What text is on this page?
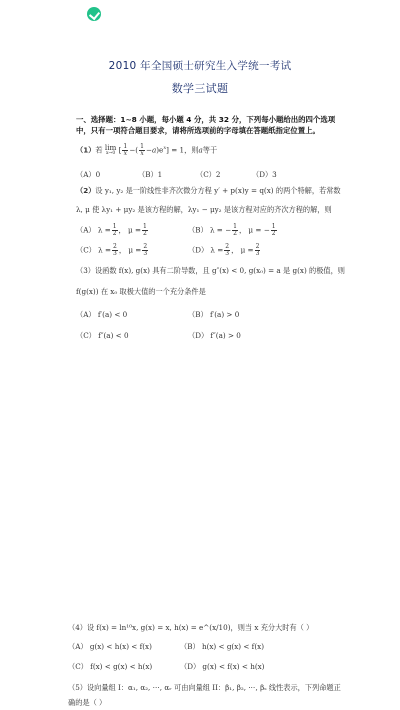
2010 年全国硕士研究生入学统一考试
数学三试题
一、选择题：1~8 小题，每小题 4 分，共 32 分，下列每小题给出的四个选项中，只有一项符合题目要求，请将所选项前的字母填在答题纸指定位置上。
（1）若 lim
x→0 [ $\frac{1}{x}$ −( $\frac{1}{x} -a)e^x] = 1$，则a等于
（A）0	（B）1	（C）2	（D）3
（2）设 y₁, y₂ 是一阶线性非齐次微分方程 y′ + p(x)y = q(x) 的两个特解，若常数
λ, μ 使 λy₁ + μy₂ 是该方程的解，λy₁ − μy₂ 是该方程对应的齐次方程的解，则
（A） $\lambda = \frac{1}{2}$ ， $\mu = \frac{1}{2}$	（B） λ = − $\frac{1}{2}$ ， μ = − $\frac{1}{2}$
（C） $\lambda = \frac{2}{3}$ ， $\mu = \frac{2}{3}$	（D） $\lambda = \frac{2}{3}$ ， $\mu = \frac{2}{3}$
（3）设函数 f(x), g(x) 具有二阶导数，且 g″(x) < 0, g(x₀) = a 是 g(x) 的极值，则
f(g(x)) 在 x₀ 取极大值的一个充分条件是
（A） f′(a) < 0	（B） f′(a) > 0
（C） f″(a) < 0	（D） f″(a) > 0
（4）设 f(x) = ln¹⁰x, g(x) = x, h(x) = e^(x/10)，则当 x 充分大时有（ ）
（A） g(x) < h(x) < f(x)	（B） h(x) < g(x) < f(x)
（C） f(x) < g(x) < h(x)	（D） g(x) < f(x) < h(x)
（5）设向量组 I：α₁, α₂, ⋯, αᵣ 可由向量组 II：β₁, β₂, ⋯, βₛ 线性表示，下列命题正
确的是（ ）
